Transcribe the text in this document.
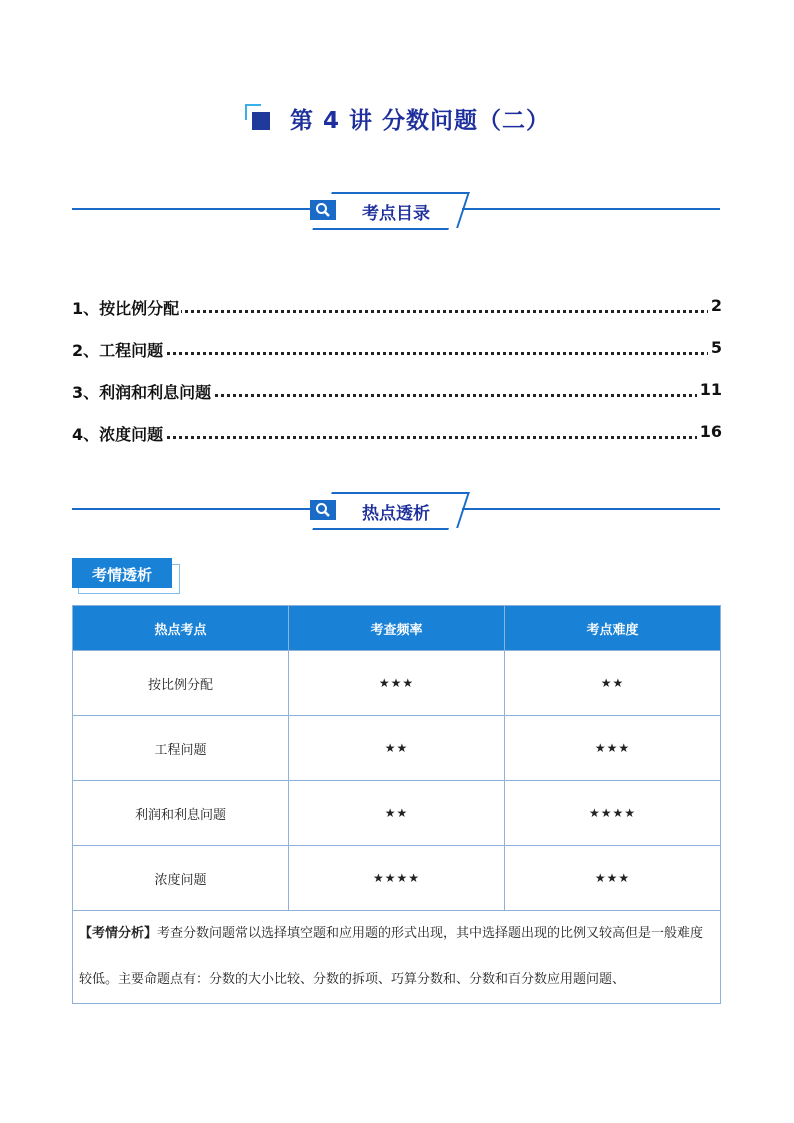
第 4 讲 分数问题（二）
考点目录
1、按比例分配	2
2、工程问题	5
3、利润和利息问题	11
4、浓度问题	16
热点透析
考情透析
热点考点	考查频率	考点难度
按比例分配	★★★	★★
工程问题	★★	★★★
利润和利息问题	★★	★★★★
浓度问题	★★★★	★★★
【考情分析】考查分数问题常以选择填空题和应用题的形式出现，其中选择题出现的比例又较高但是一般难度较低。主要命题点有：分数的大小比较、分数的拆项、巧算分数和、分数和百分数应用题问题、		
